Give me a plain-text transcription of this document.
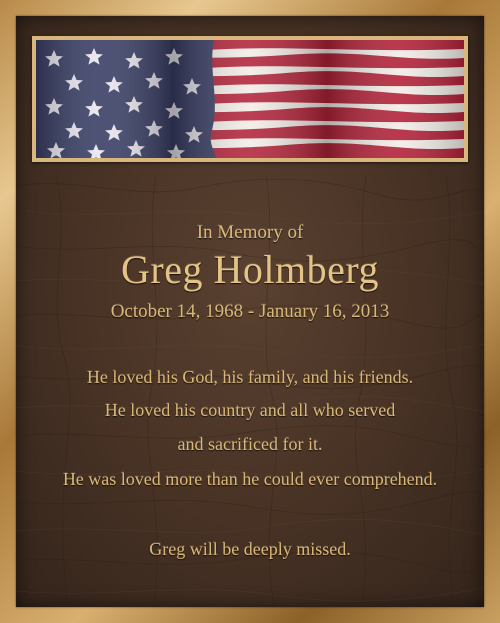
In Memory of
Greg Holmberg
October 14, 1968 - January 16, 2013
He loved his God, his family, and his friends.
He loved his country and all who served
and sacrificed for it.
He was loved more than he could ever comprehend.
Greg will be deeply missed.
